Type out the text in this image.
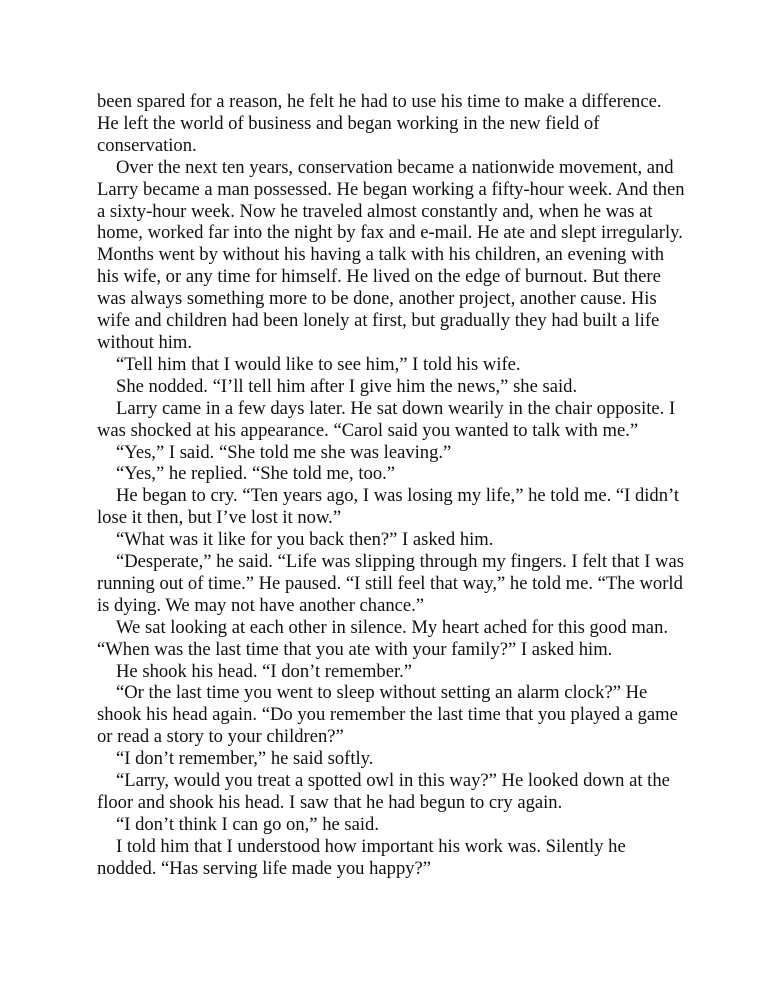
been spared for a reason, he felt he had to use his time to make a difference. He left the world of business and began working in the new field of conservation.

Over the next ten years, conservation became a nationwide movement, and Larry became a man possessed. He began working a fifty-hour week. And then a sixty-hour week. Now he traveled almost constantly and, when he was at home, worked far into the night by fax and e-mail. He ate and slept irregularly. Months went by without his having a talk with his children, an evening with his wife, or any time for himself. He lived on the edge of burnout. But there was always something more to be done, another project, another cause. His wife and children had been lonely at first, but gradually they had built a life without him.

“Tell him that I would like to see him,” I told his wife.

She nodded. “I’ll tell him after I give him the news,” she said.

Larry came in a few days later. He sat down wearily in the chair opposite. I was shocked at his appearance. “Carol said you wanted to talk with me.”

“Yes,” I said. “She told me she was leaving.”

“Yes,” he replied. “She told me, too.”

He began to cry. “Ten years ago, I was losing my life,” he told me. “I didn’t lose it then, but I’ve lost it now.”

“What was it like for you back then?” I asked him.

“Desperate,” he said. “Life was slipping through my fingers. I felt that I was running out of time.” He paused. “I still feel that way,” he told me. “The world is dying. We may not have another chance.”

We sat looking at each other in silence. My heart ached for this good man. “When was the last time that you ate with your family?” I asked him.

He shook his head. “I don’t remember.”

“Or the last time you went to sleep without setting an alarm clock?” He shook his head again. “Do you remember the last time that you played a game or read a story to your children?”

“I don’t remember,” he said softly.

“Larry, would you treat a spotted owl in this way?” He looked down at the floor and shook his head. I saw that he had begun to cry again.

“I don’t think I can go on,” he said.

I told him that I understood how important his work was. Silently he nodded. “Has serving life made you happy?”
